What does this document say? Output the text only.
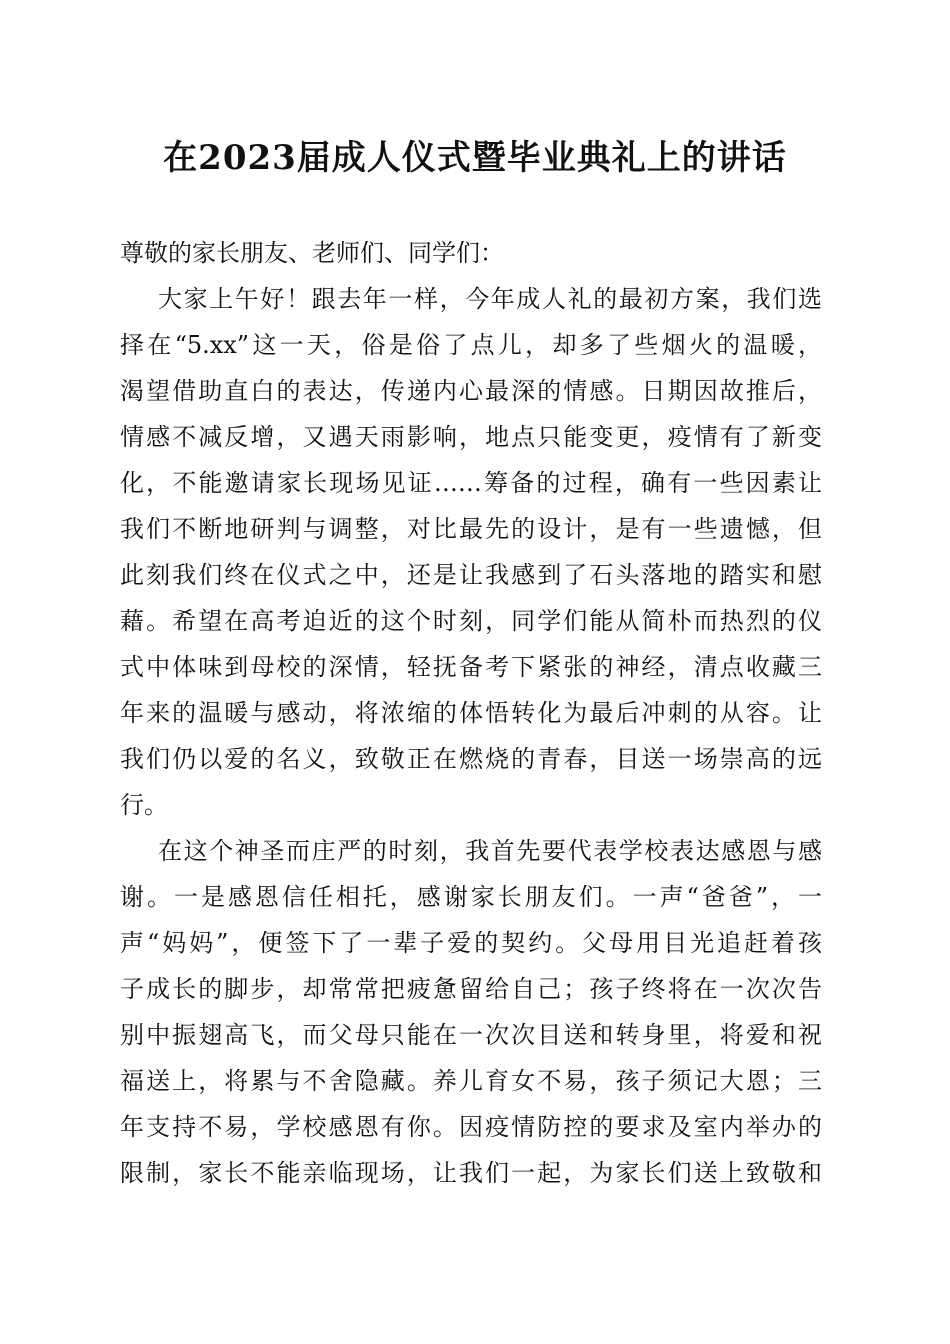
在2023届成人仪式暨毕业典礼上的讲话
尊敬的家长朋友、老师们、同学们：
大家上午好！跟去年一样，今年成人礼的最初方案，我们选
择在“5.xx”这一天，俗是俗了点儿，却多了些烟火的温暖，
渴望借助直白的表达，传递内心最深的情感。日期因故推后，
情感不减反增，又遇天雨影响，地点只能变更，疫情有了新变
化，不能邀请家长现场见证……筹备的过程，确有一些因素让
我们不断地研判与调整，对比最先的设计，是有一些遗憾，但
此刻我们终在仪式之中，还是让我感到了石头落地的踏实和慰
藉。希望在高考迫近的这个时刻，同学们能从简朴而热烈的仪
式中体味到母校的深情，轻抚备考下紧张的神经，清点收藏三
年来的温暖与感动，将浓缩的体悟转化为最后冲刺的从容。让
我们仍以爱的名义，致敬正在燃烧的青春，目送一场崇高的远
行。
在这个神圣而庄严的时刻，我首先要代表学校表达感恩与感
谢。一是感恩信任相托，感谢家长朋友们。一声“爸爸”，一
声“妈妈”，便签下了一辈子爱的契约。父母用目光追赶着孩
子成长的脚步，却常常把疲惫留给自己；孩子终将在一次次告
别中振翅高飞，而父母只能在一次次目送和转身里，将爱和祝
福送上，将累与不舍隐藏。养儿育女不易，孩子须记大恩；三
年支持不易，学校感恩有你。因疫情防控的要求及室内举办的
限制，家长不能亲临现场，让我们一起，为家长们送上致敬和
